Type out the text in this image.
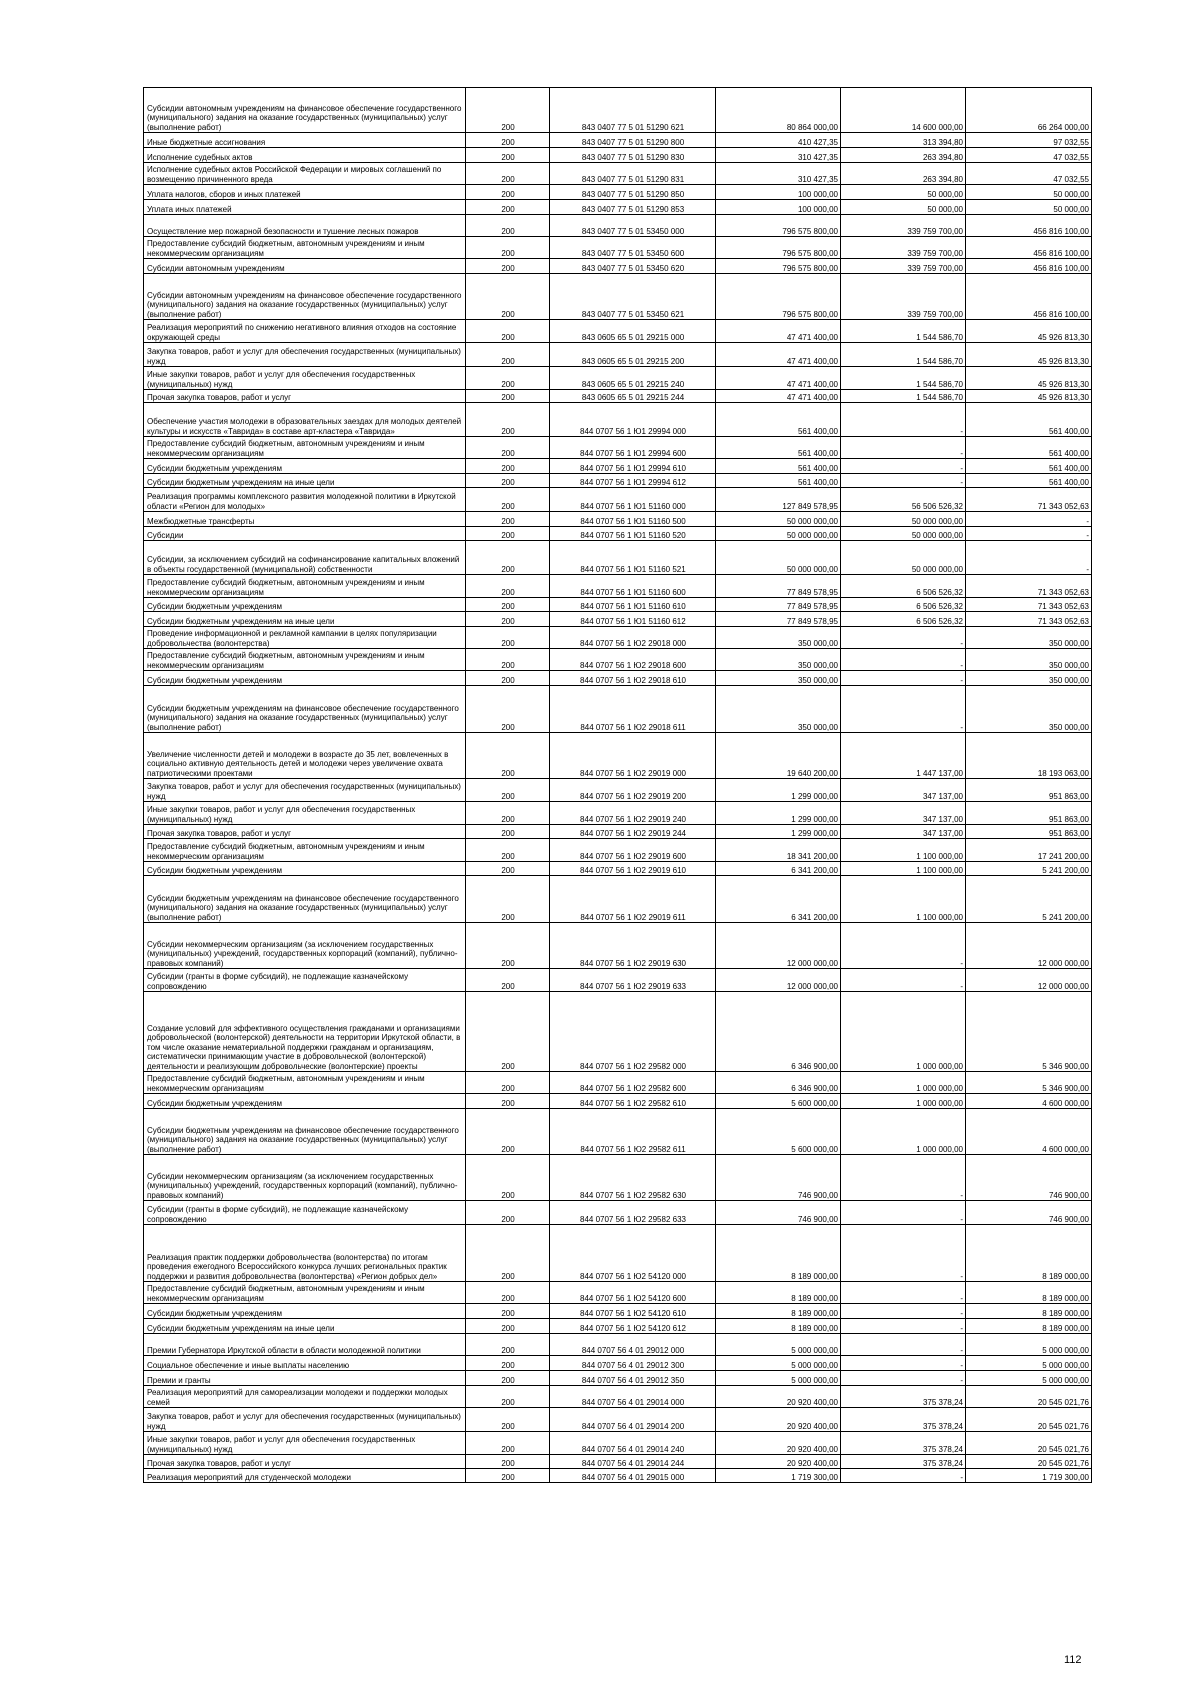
Субсидии автономным учреждениям на финансовое обеспечение государственного (муниципального) задания на оказание государственных (муниципальных) услуг (выполнение работ)	200	843 0407 77 5 01 51290 621	80 864 000,00	14 600 000,00	66 264 000,00
Иные бюджетные ассигнования	200	843 0407 77 5 01 51290 800	410 427,35	313 394,80	97 032,55
Исполнение судебных актов	200	843 0407 77 5 01 51290 830	310 427,35	263 394,80	47 032,55
Исполнение судебных актов Российской Федерации и мировых соглашений по возмещению причиненного вреда	200	843 0407 77 5 01 51290 831	310 427,35	263 394,80	47 032,55
Уплата налогов, сборов и иных платежей	200	843 0407 77 5 01 51290 850	100 000,00	50 000,00	50 000,00
Уплата иных платежей	200	843 0407 77 5 01 51290 853	100 000,00	50 000,00	50 000,00
Осуществление мер пожарной безопасности и тушение лесных пожаров	200	843 0407 77 5 01 53450 000	796 575 800,00	339 759 700,00	456 816 100,00
Предоставление субсидий бюджетным, автономным учреждениям и иным некоммерческим организациям	200	843 0407 77 5 01 53450 600	796 575 800,00	339 759 700,00	456 816 100,00
Субсидии автономным учреждениям	200	843 0407 77 5 01 53450 620	796 575 800,00	339 759 700,00	456 816 100,00
Субсидии автономным учреждениям на финансовое обеспечение государственного (муниципального) задания на оказание государственных (муниципальных) услуг (выполнение работ)	200	843 0407 77 5 01 53450 621	796 575 800,00	339 759 700,00	456 816 100,00
Реализация мероприятий по снижению негативного влияния отходов на состояние окружающей среды	200	843 0605 65 5 01 29215 000	47 471 400,00	1 544 586,70	45 926 813,30
Закупка товаров, работ и услуг для обеспечения государственных (муниципальных) нужд	200	843 0605 65 5 01 29215 200	47 471 400,00	1 544 586,70	45 926 813,30
Иные закупки товаров, работ и услуг для обеспечения государственных (муниципальных) нужд	200	843 0605 65 5 01 29215 240	47 471 400,00	1 544 586,70	45 926 813,30
Прочая закупка товаров, работ и услуг	200	843 0605 65 5 01 29215 244	47 471 400,00	1 544 586,70	45 926 813,30
Обеспечение участия молодежи в образовательных заездах для молодых деятелей культуры и искусств «Таврида» в составе арт-кластера «Таврида»	200	844 0707 56 1 Ю1 29994 000	561 400,00	-	561 400,00
Предоставление субсидий бюджетным, автономным учреждениям и иным некоммерческим организациям	200	844 0707 56 1 Ю1 29994 600	561 400,00	-	561 400,00
Субсидии бюджетным учреждениям	200	844 0707 56 1 Ю1 29994 610	561 400,00	-	561 400,00
Субсидии бюджетным учреждениям на иные цели	200	844 0707 56 1 Ю1 29994 612	561 400,00	-	561 400,00
Реализация программы комплексного развития молодежной политики в Иркутской области «Регион для молодых»	200	844 0707 56 1 Ю1 51160 000	127 849 578,95	56 506 526,32	71 343 052,63
Межбюджетные трансферты	200	844 0707 56 1 Ю1 51160 500	50 000 000,00	50 000 000,00	-
Субсидии	200	844 0707 56 1 Ю1 51160 520	50 000 000,00	50 000 000,00	-
Субсидии, за исключением субсидий на софинансирование капитальных вложений в объекты государственной (муниципальной) собственности	200	844 0707 56 1 Ю1 51160 521	50 000 000,00	50 000 000,00	-
Предоставление субсидий бюджетным, автономным учреждениям и иным некоммерческим организациям	200	844 0707 56 1 Ю1 51160 600	77 849 578,95	6 506 526,32	71 343 052,63
Субсидии бюджетным учреждениям	200	844 0707 56 1 Ю1 51160 610	77 849 578,95	6 506 526,32	71 343 052,63
Субсидии бюджетным учреждениям на иные цели	200	844 0707 56 1 Ю1 51160 612	77 849 578,95	6 506 526,32	71 343 052,63
Проведение информационной и рекламной кампании в целях популяризации добровольчества (волонтерства)	200	844 0707 56 1 Ю2 29018 000	350 000,00	-	350 000,00
Предоставление субсидий бюджетным, автономным учреждениям и иным некоммерческим организациям	200	844 0707 56 1 Ю2 29018 600	350 000,00	-	350 000,00
Субсидии бюджетным учреждениям	200	844 0707 56 1 Ю2 29018 610	350 000,00	-	350 000,00
Субсидии бюджетным учреждениям на финансовое обеспечение государственного (муниципального) задания на оказание государственных (муниципальных) услуг (выполнение работ)	200	844 0707 56 1 Ю2 29018 611	350 000,00	-	350 000,00
Увеличение численности детей и молодежи в возрасте до 35 лет, вовлеченных в социально активную деятельность детей и молодежи через увеличение охвата патриотическими проектами	200	844 0707 56 1 Ю2 29019 000	19 640 200,00	1 447 137,00	18 193 063,00
Закупка товаров, работ и услуг для обеспечения государственных (муниципальных) нужд	200	844 0707 56 1 Ю2 29019 200	1 299 000,00	347 137,00	951 863,00
Иные закупки товаров, работ и услуг для обеспечения государственных (муниципальных) нужд	200	844 0707 56 1 Ю2 29019 240	1 299 000,00	347 137,00	951 863,00
Прочая закупка товаров, работ и услуг	200	844 0707 56 1 Ю2 29019 244	1 299 000,00	347 137,00	951 863,00
Предоставление субсидий бюджетным, автономным учреждениям и иным некоммерческим организациям	200	844 0707 56 1 Ю2 29019 600	18 341 200,00	1 100 000,00	17 241 200,00
Субсидии бюджетным учреждениям	200	844 0707 56 1 Ю2 29019 610	6 341 200,00	1 100 000,00	5 241 200,00
Субсидии бюджетным учреждениям на финансовое обеспечение государственного (муниципального) задания на оказание государственных (муниципальных) услуг (выполнение работ)	200	844 0707 56 1 Ю2 29019 611	6 341 200,00	1 100 000,00	5 241 200,00
Субсидии некоммерческим организациям (за исключением государственных (муниципальных) учреждений, государственных корпораций (компаний), публично-правовых компаний)	200	844 0707 56 1 Ю2 29019 630	12 000 000,00	-	12 000 000,00
Субсидии (гранты в форме субсидий), не подлежащие казначейскому сопровождению	200	844 0707 56 1 Ю2 29019 633	12 000 000,00	-	12 000 000,00
Создание условий для эффективного осуществления гражданами и организациями добровольческой (волонтерской) деятельности на территории Иркутской области, в том числе оказание нематериальной поддержки гражданам и организациям, систематически принимающим участие в добровольческой (волонтерской) деятельности и реализующим добровольческие (волонтерские) проекты	200	844 0707 56 1 Ю2 29582 000	6 346 900,00	1 000 000,00	5 346 900,00
Предоставление субсидий бюджетным, автономным учреждениям и иным некоммерческим организациям	200	844 0707 56 1 Ю2 29582 600	6 346 900,00	1 000 000,00	5 346 900,00
Субсидии бюджетным учреждениям	200	844 0707 56 1 Ю2 29582 610	5 600 000,00	1 000 000,00	4 600 000,00
Субсидии бюджетным учреждениям на финансовое обеспечение государственного (муниципального) задания на оказание государственных (муниципальных) услуг (выполнение работ)	200	844 0707 56 1 Ю2 29582 611	5 600 000,00	1 000 000,00	4 600 000,00
Субсидии некоммерческим организациям (за исключением государственных (муниципальных) учреждений, государственных корпораций (компаний), публично-правовых компаний)	200	844 0707 56 1 Ю2 29582 630	746 900,00	-	746 900,00
Субсидии (гранты в форме субсидий), не подлежащие казначейскому сопровождению	200	844 0707 56 1 Ю2 29582 633	746 900,00	-	746 900,00
Реализация практик поддержки добровольчества (волонтерства) по итогам проведения ежегодного Всероссийского конкурса лучших региональных практик поддержки и развития добровольчества (волонтерства) «Регион добрых дел»	200	844 0707 56 1 Ю2 54120 000	8 189 000,00	-	8 189 000,00
Предоставление субсидий бюджетным, автономным учреждениям и иным некоммерческим организациям	200	844 0707 56 1 Ю2 54120 600	8 189 000,00	-	8 189 000,00
Субсидии бюджетным учреждениям	200	844 0707 56 1 Ю2 54120 610	8 189 000,00	-	8 189 000,00
Субсидии бюджетным учреждениям на иные цели	200	844 0707 56 1 Ю2 54120 612	8 189 000,00	-	8 189 000,00
Премии Губернатора Иркутской области в области молодежной политики	200	844 0707 56 4 01 29012 000	5 000 000,00	-	5 000 000,00
Социальное обеспечение и иные выплаты населению	200	844 0707 56 4 01 29012 300	5 000 000,00	-	5 000 000,00
Премии и гранты	200	844 0707 56 4 01 29012 350	5 000 000,00	-	5 000 000,00
Реализация мероприятий для самореализации молодежи и поддержки молодых семей	200	844 0707 56 4 01 29014 000	20 920 400,00	375 378,24	20 545 021,76
Закупка товаров, работ и услуг для обеспечения государственных (муниципальных) нужд	200	844 0707 56 4 01 29014 200	20 920 400,00	375 378,24	20 545 021,76
Иные закупки товаров, работ и услуг для обеспечения государственных (муниципальных) нужд	200	844 0707 56 4 01 29014 240	20 920 400,00	375 378,24	20 545 021,76
Прочая закупка товаров, работ и услуг	200	844 0707 56 4 01 29014 244	20 920 400,00	375 378,24	20 545 021,76
Реализация мероприятий для студенческой молодежи	200	844 0707 56 4 01 29015 000	1 719 300,00	-	1 719 300,00
112
